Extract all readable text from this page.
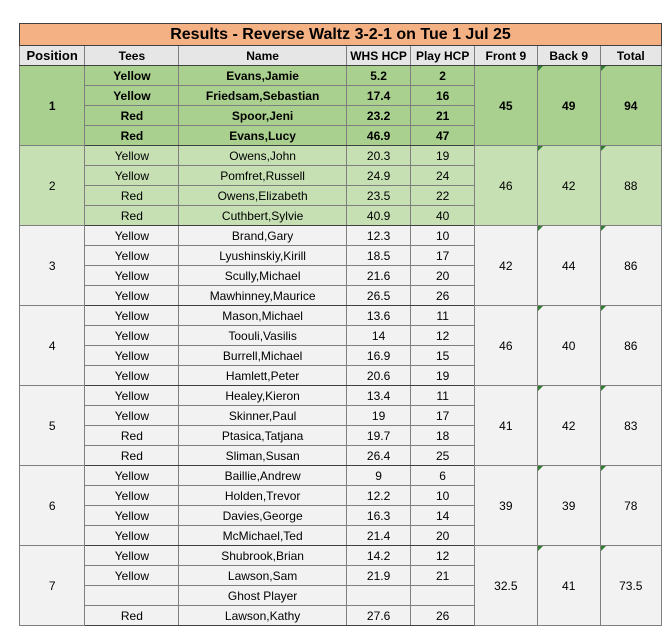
Results - Reverse Waltz 3-2-1 on Tue 1 Jul 25							
Position	Tees	Name	WHS HCP	Play HCP	Front 9	Back 9	Total
1	Yellow	Evans,Jamie	5.2	2	45	49	94
	Yellow	Friedsam,Sebastian	17.4	16			
	Red	Spoor,Jeni	23.2	21			
	Red	Evans,Lucy	46.9	47			
2	Yellow	Owens,John	20.3	19	46	42	88
	Yellow	Pomfret,Russell	24.9	24			
	Red	Owens,Elizabeth	23.5	22			
	Red	Cuthbert,Sylvie	40.9	40			
3	Yellow	Brand,Gary	12.3	10	42	44	86
	Yellow	Lyushinskiy,Kirill	18.5	17			
	Yellow	Scully,Michael	21.6	20			
	Yellow	Mawhinney,Maurice	26.5	26			
4	Yellow	Mason,Michael	13.6	11	46	40	86
	Yellow	Toouli,Vasilis	14	12			
	Yellow	Burrell,Michael	16.9	15			
	Yellow	Hamlett,Peter	20.6	19			
5	Yellow	Healey,Kieron	13.4	11	41	42	83
	Yellow	Skinner,Paul	19	17			
	Red	Ptasica,Tatjana	19.7	18			
	Red	Sliman,Susan	26.4	25			
6	Yellow	Baillie,Andrew	9	6	39	39	78
	Yellow	Holden,Trevor	12.2	10			
	Yellow	Davies,George	16.3	14			
	Yellow	McMichael,Ted	21.4	20			
7	Yellow	Shubrook,Brian	14.2	12	32.5	41	73.5
	Yellow	Lawson,Sam	21.9	21			
		Ghost Player					
	Red	Lawson,Kathy	27.6	26			
